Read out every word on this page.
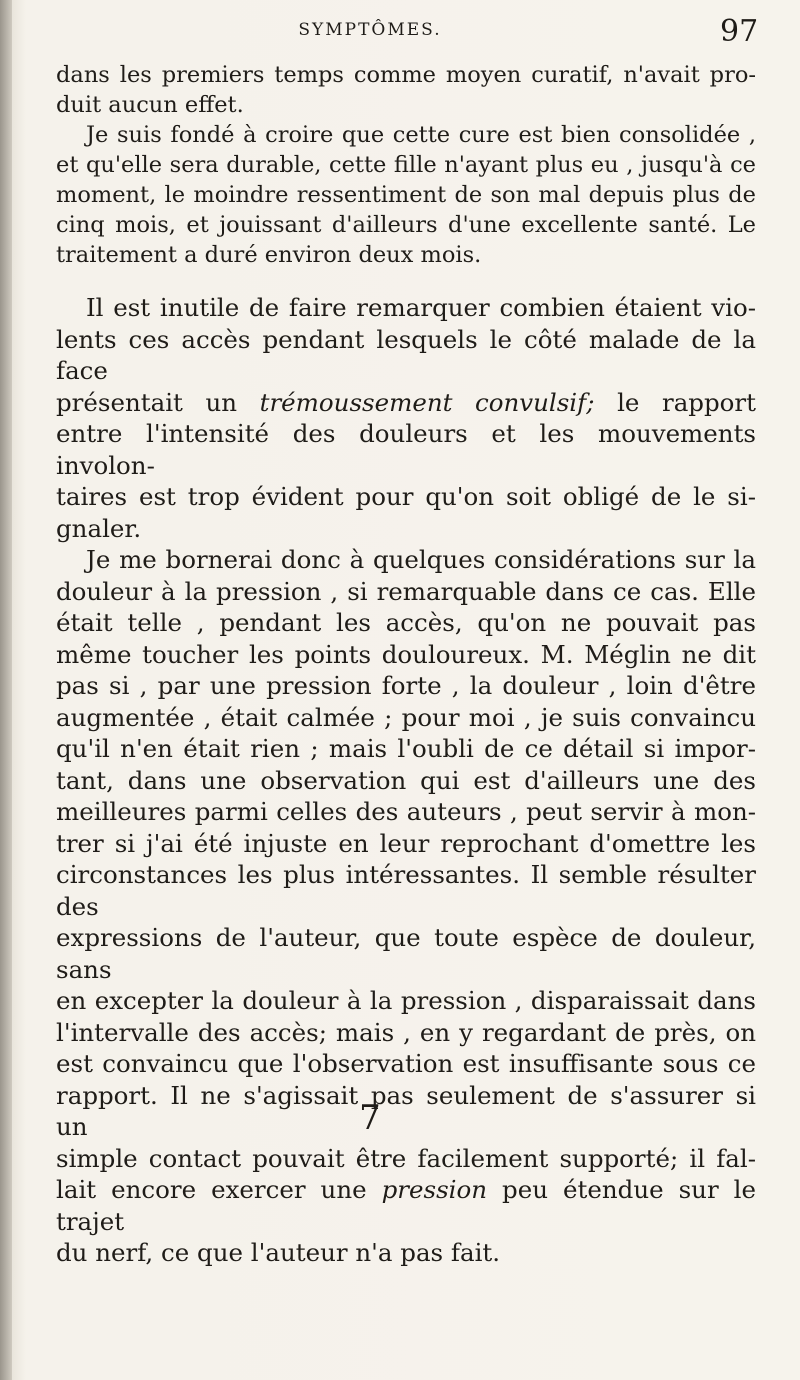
SYMPTÔMES.	97

dans les premiers temps comme moyen curatif, n'avait pro-

duit aucun effet.

Je suis fondé à croire que cette cure est bien consolidée ,

et qu'elle sera durable, cette fille n'ayant plus eu , jusqu'à ce

moment, le moindre ressentiment de son mal depuis plus de

cinq mois, et jouissant d'ailleurs d'une excellente santé. Le

traitement a duré environ deux mois.

Il est inutile de faire remarquer combien étaient vio-

lents ces accès pendant lesquels le côté malade de la face

présentait un trémoussement convulsif; le rapport

entre l'intensité des douleurs et les mouvements involon-

taires est trop évident pour qu'on soit obligé de le si-

gnaler.

Je me bornerai donc à quelques considérations sur la

douleur à la pression , si remarquable dans ce cas. Elle

était telle , pendant les accès, qu'on ne pouvait pas

même toucher les points douloureux. M. Méglin ne dit

pas si , par une pression forte , la douleur , loin d'être

augmentée , était calmée ; pour moi , je suis convaincu

qu'il n'en était rien ; mais l'oubli de ce détail si impor-

tant, dans une observation qui est d'ailleurs une des

meilleures parmi celles des auteurs , peut servir à mon-

trer si j'ai été injuste en leur reprochant d'omettre les

circonstances les plus intéressantes. Il semble résulter des

expressions de l'auteur, que toute espèce de douleur, sans

en excepter la douleur à la pression , disparaissait dans

l'intervalle des accès; mais , en y regardant de près, on

est convaincu que l'observation est insuffisante sous ce

rapport. Il ne s'agissait pas seulement de s'assurer si un

simple contact pouvait être facilement supporté; il fal-

lait encore exercer une pression peu étendue sur le trajet

du nerf, ce que l'auteur n'a pas fait.

7
